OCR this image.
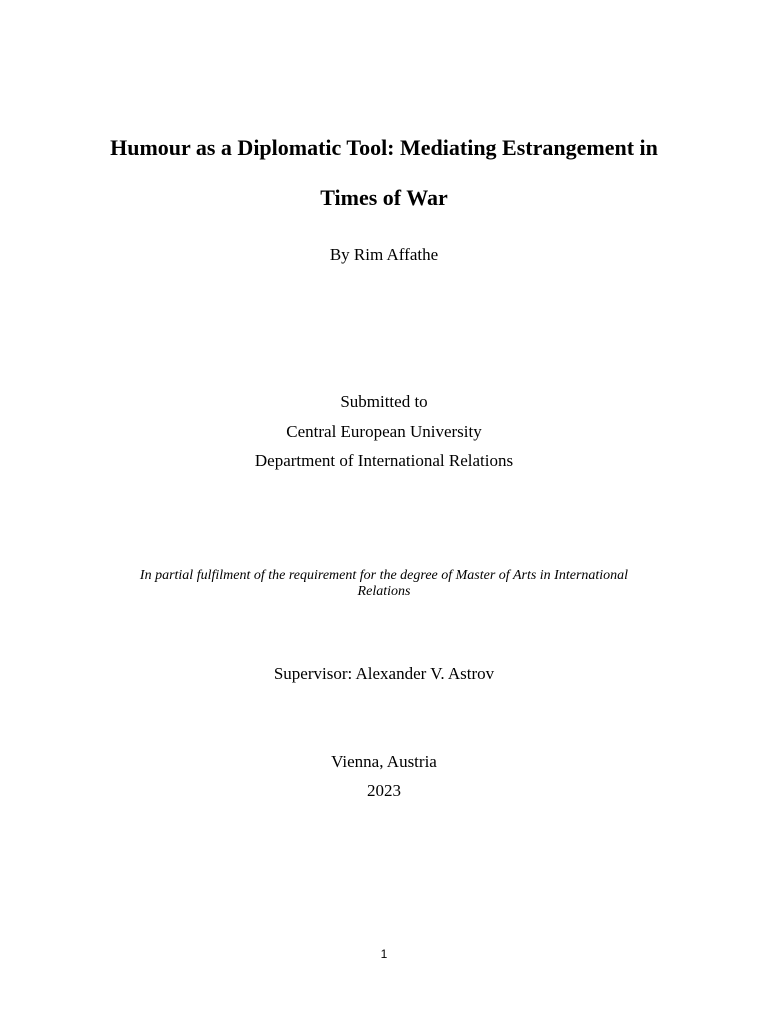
Humour as a Diplomatic Tool: Mediating Estrangement in
Times of War
By Rim Affathe
Submitted to
Central European University
Department of International Relations
In partial fulfilment of the requirement for the degree of Master of Arts in International
Relations
Supervisor: Alexander V. Astrov
Vienna, Austria
2023
1
